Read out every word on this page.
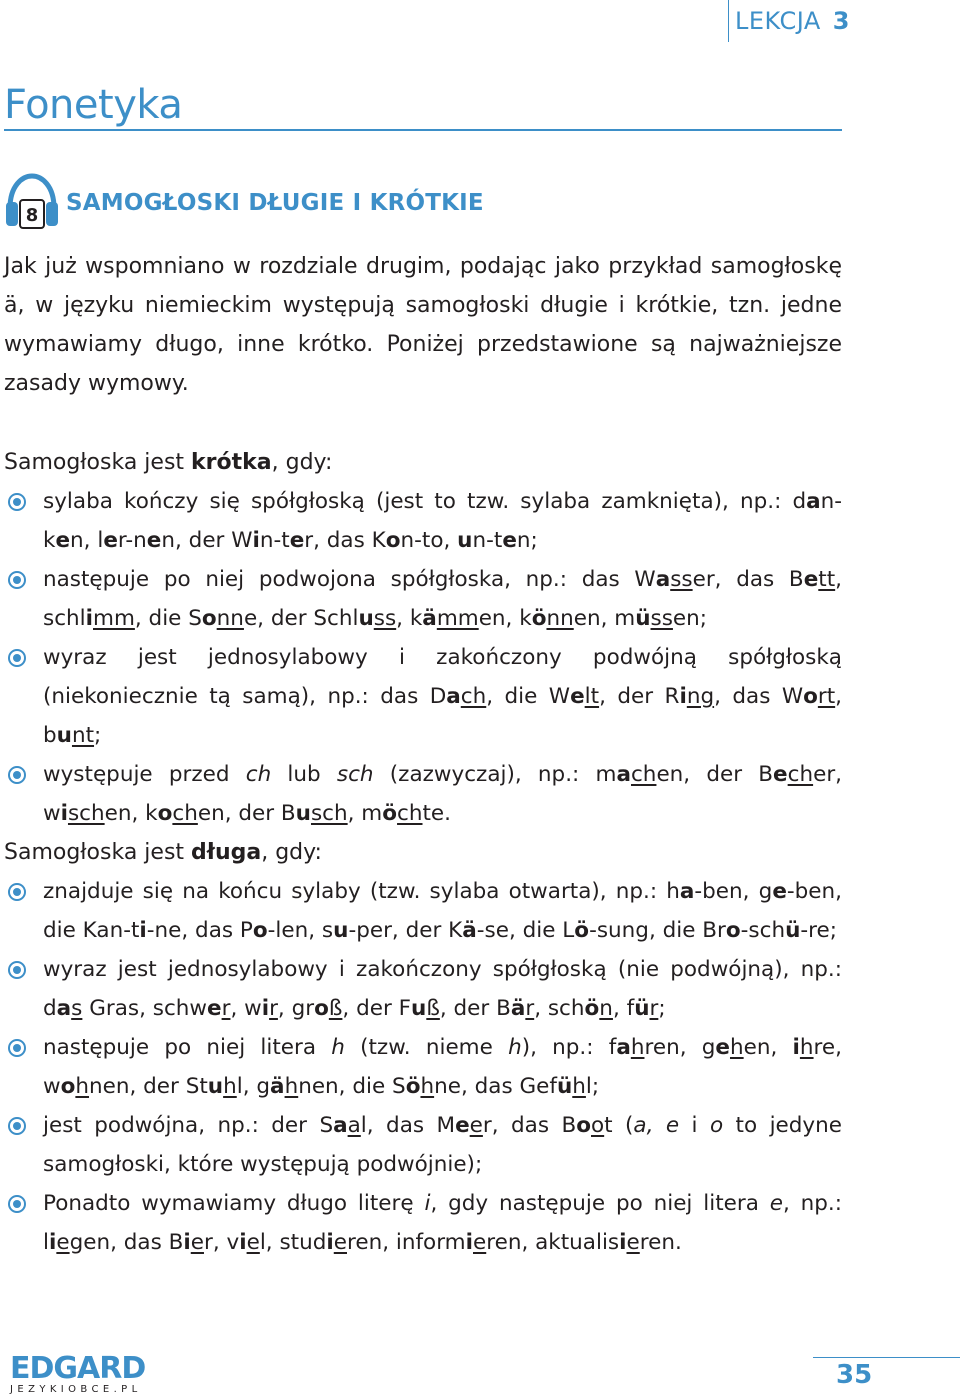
LEKCJA 3
Fonetyka
8 SAMOGŁOSKI DŁUGIE I KRÓTKIE

Jak już wspomniano w rozdziale drugim, podając jako przykład samogłoskę ä, w języku niemieckim występują samogłoski długie i krótkie, tzn. jedne wymawiamy długo, inne krótko. Poniżej przedstawione są najważniejsze zasady wymowy.

Samogłoska jest krótka, gdy:

sylaba kończy się spółgłoską (jest to tzw. sylaba zamknięta), np.: dan-ken, ler-nen, der Win-ter, das Kon-to, un-ten;
następuje po niej podwojona spółgłoska, np.: das Wasser, das Bett, schlimm, die Sonne, der Schluss, kämmen, können, müssen;
wyraz jest jednosylabowy i zakończony podwójną spółgłoską (niekoniecznie tą samą), np.: das Dach, die Welt, der Ring, das Wort, bunt;
występuje przed ch lub sch (zazwyczaj), np.: machen, der Becher, wischen, kochen, der Busch, möchte.

Samogłoska jest długa, gdy:

znajduje się na końcu sylaby (tzw. sylaba otwarta), np.: ha-ben, ge-ben, die Kan-ti-ne, das Po-len, su-per, der Kä-se, die Lö-sung, die Bro-schü-re;
wyraz jest jednosylabowy i zakończony spółgłoską (nie podwójną), np.: das Gras, schwer, wir, groß, der Fuß, der Bär, schön, für;
następuje po niej litera h (tzw. nieme h), np.: fahren, gehen, ihre, wohnen, der Stuhl, gähnen, die Söhne, das Gefühl;
jest podwójna, np.: der Saal, das Meer, das Boot (a, e i o to jedyne samogłoski, które występują podwójnie);
Ponadto wymawiamy długo literę i, gdy następuje po niej litera e, np.: liegen, das Bier, viel, studieren, informieren, aktualisieren.
EDGARD
JEZYKIOBCE.PL	35
